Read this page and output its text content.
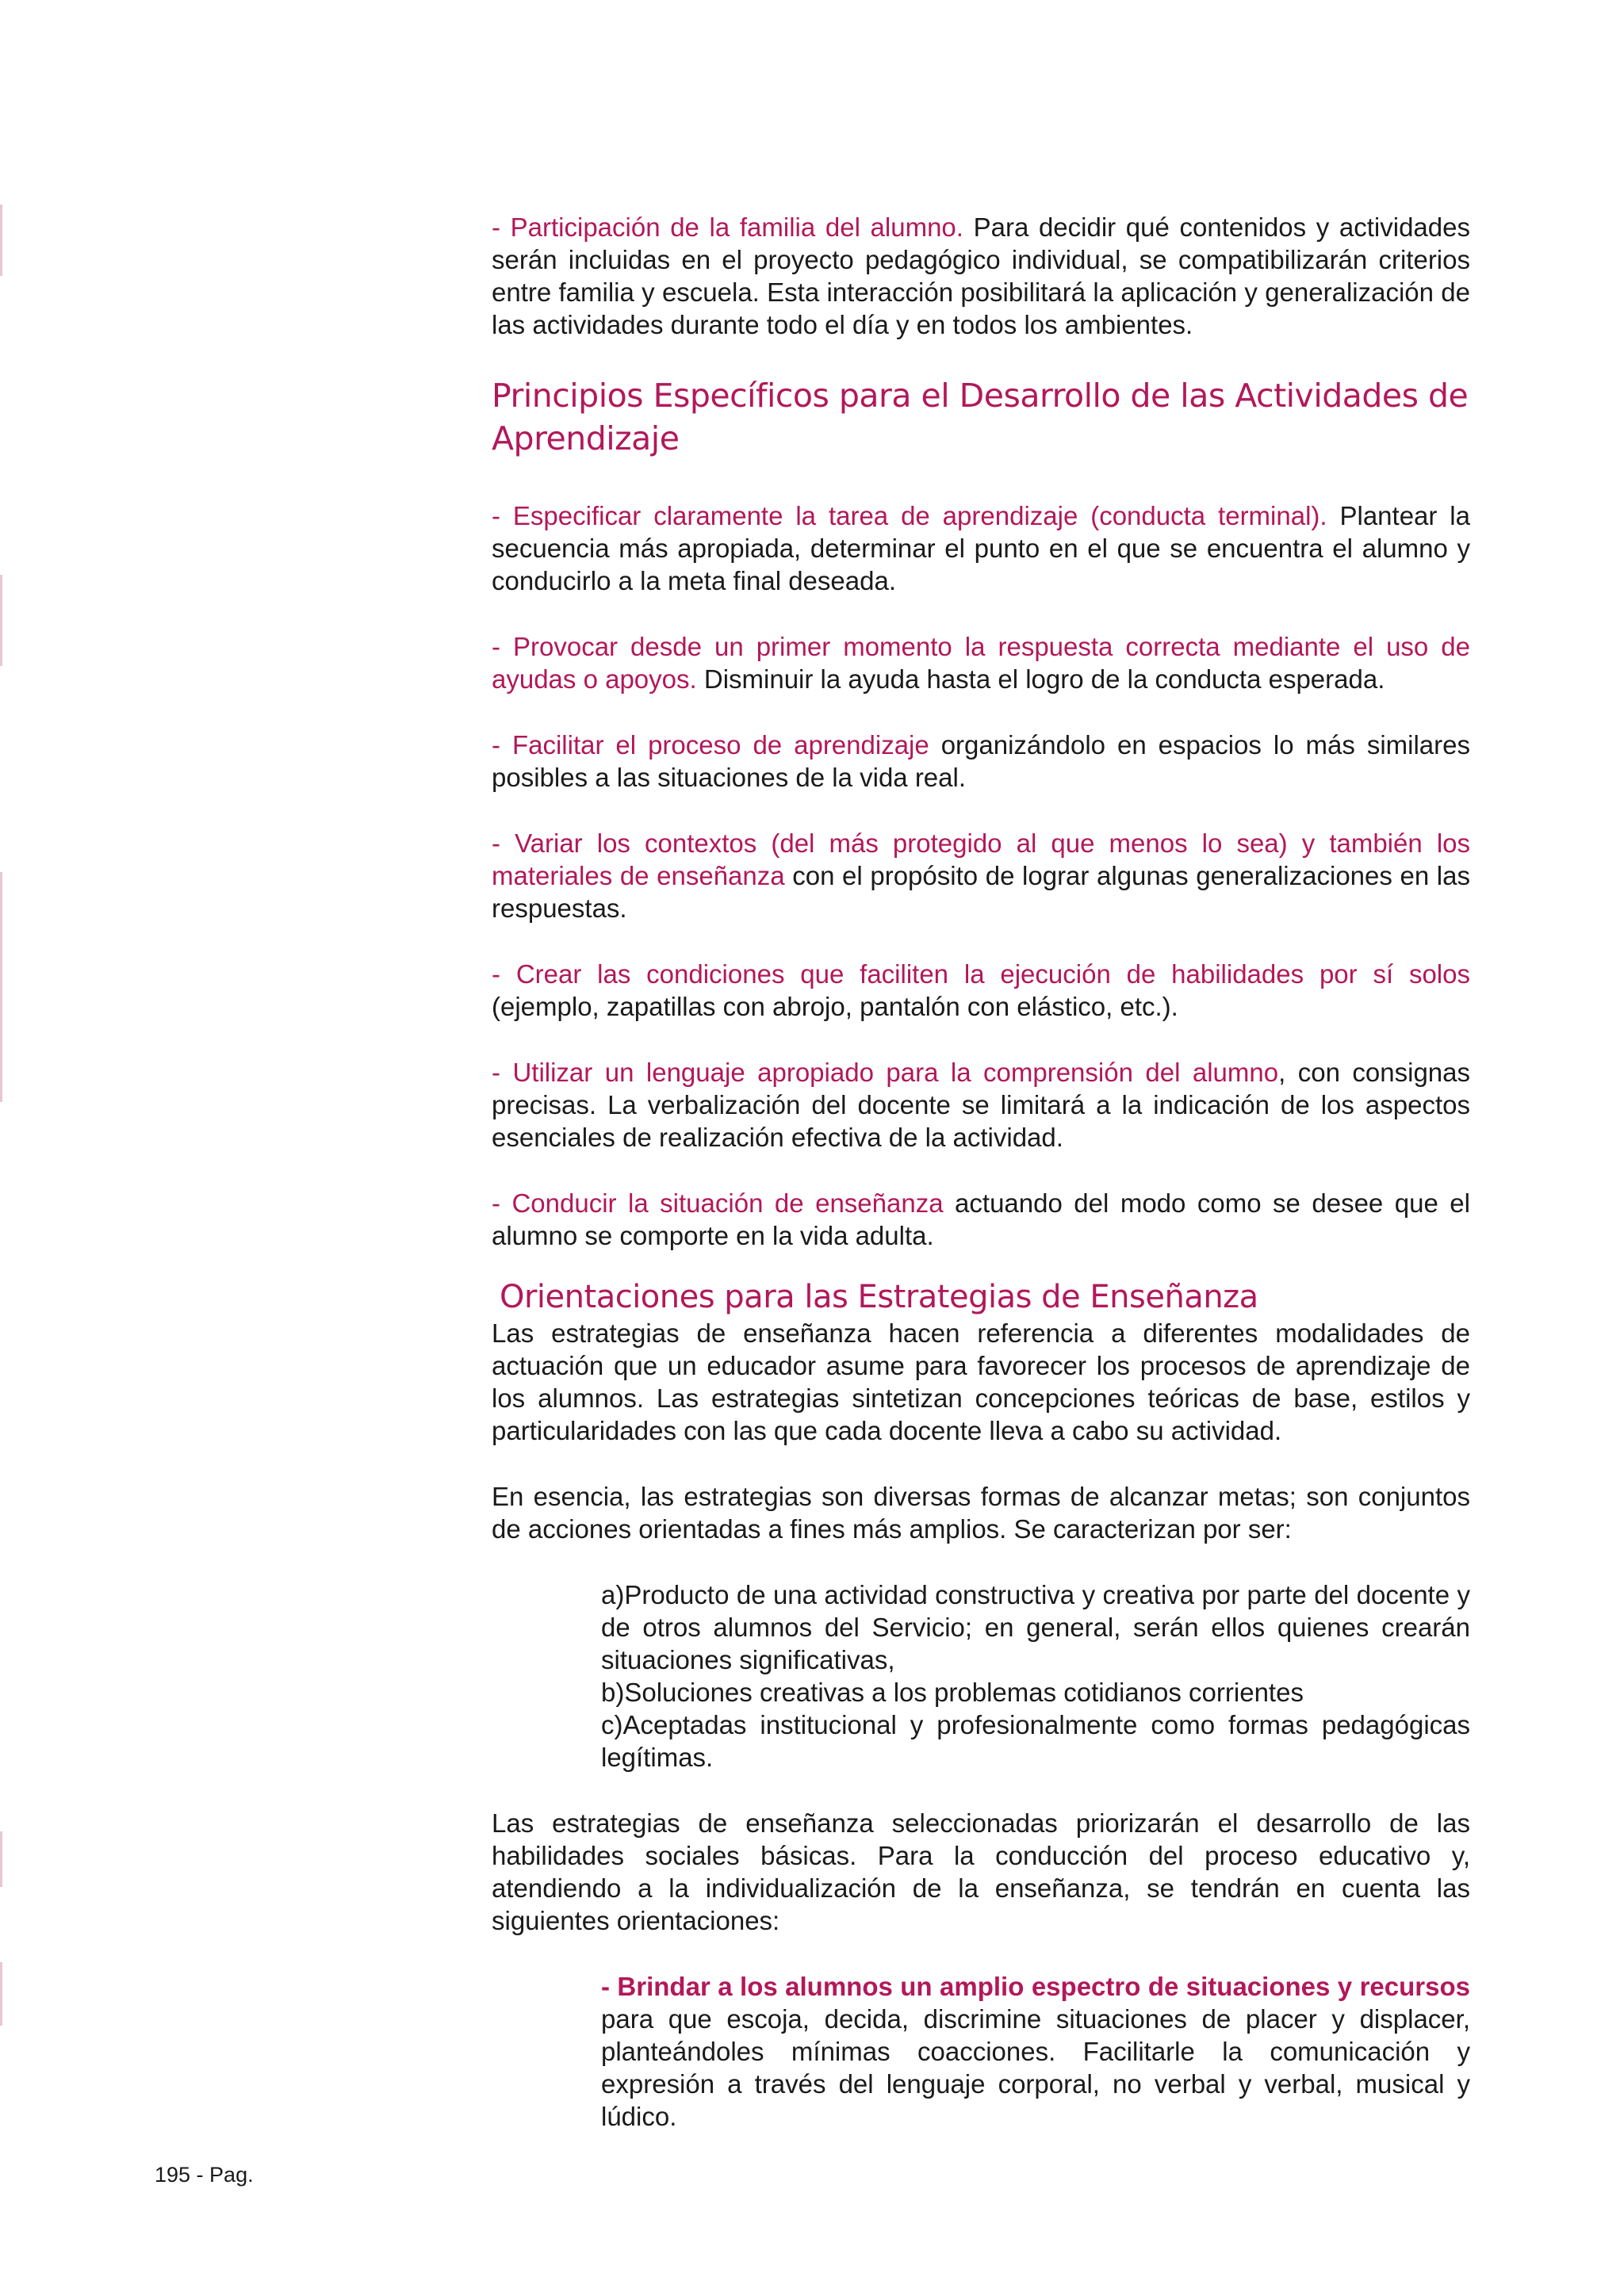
- Participación de la familia del alumno. Para decidir qué contenidos y actividades serán incluidas en el proyecto pedagógico individual, se compatibilizarán criterios entre familia y escuela. Esta interacción posibilitará la aplicación y generalización de las actividades durante todo el día y en todos los ambientes.

Principios Específicos para el Desarrollo de las Actividades de Aprendizaje

- Especificar claramente la tarea de aprendizaje (conducta terminal). Plantear la secuencia más apropiada, determinar el punto en el que se encuentra el alumno y conducirlo a la meta final deseada.

- Provocar desde un primer momento la respuesta correcta mediante el uso de ayudas o apoyos. Disminuir la ayuda hasta el logro de la conducta esperada.

- Facilitar el proceso de aprendizaje organizándolo en espacios lo más similares posibles a las situaciones de la vida real.

- Variar los contextos (del más protegido al que menos lo sea) y también los materiales de enseñanza con el propósito de lograr algunas generalizaciones en las respuestas.

- Crear las condiciones que faciliten la ejecución de habilidades por sí solos (ejemplo, zapatillas con abrojo, pantalón con elástico, etc.).

- Utilizar un lenguaje apropiado para la comprensión del alumno, con consignas precisas. La verbalización del docente se limitará a la indicación de los aspectos esenciales de realización efectiva de la actividad.

- Conducir la situación de enseñanza actuando del modo como se desee que el alumno se comporte en la vida adulta.

Orientaciones para las Estrategias de Enseñanza

Las estrategias de enseñanza hacen referencia a diferentes modalidades de actuación que un educador asume para favorecer los procesos de aprendizaje de los alumnos. Las estrategias sintetizan concepciones teóricas de base, estilos y particularidades con las que cada docente lleva a cabo su actividad.

En esencia, las estrategias son diversas formas de alcanzar metas; son conjuntos de acciones orientadas a fines más amplios. Se caracterizan por ser:

a)Producto de una actividad constructiva y creativa por parte del docente y de otros alumnos del Servicio; en general, serán ellos quienes crearán situaciones significativas,
b)Soluciones creativas a los problemas cotidianos corrientes
c)Aceptadas institucional y profesionalmente como formas pedagógicas legítimas.

Las estrategias de enseñanza seleccionadas priorizarán el desarrollo de las habilidades sociales básicas. Para la conducción del proceso educativo y, atendiendo a la individualización de la enseñanza, se tendrán en cuenta las siguientes orientaciones:

- Brindar a los alumnos un amplio espectro de situaciones y recursos para que escoja, decida, discrimine situaciones de placer y displacer, planteándoles mínimas coacciones. Facilitarle la comunicación y expresión a través del lenguaje corporal, no verbal y verbal, musical y lúdico.

195 - Pag.
